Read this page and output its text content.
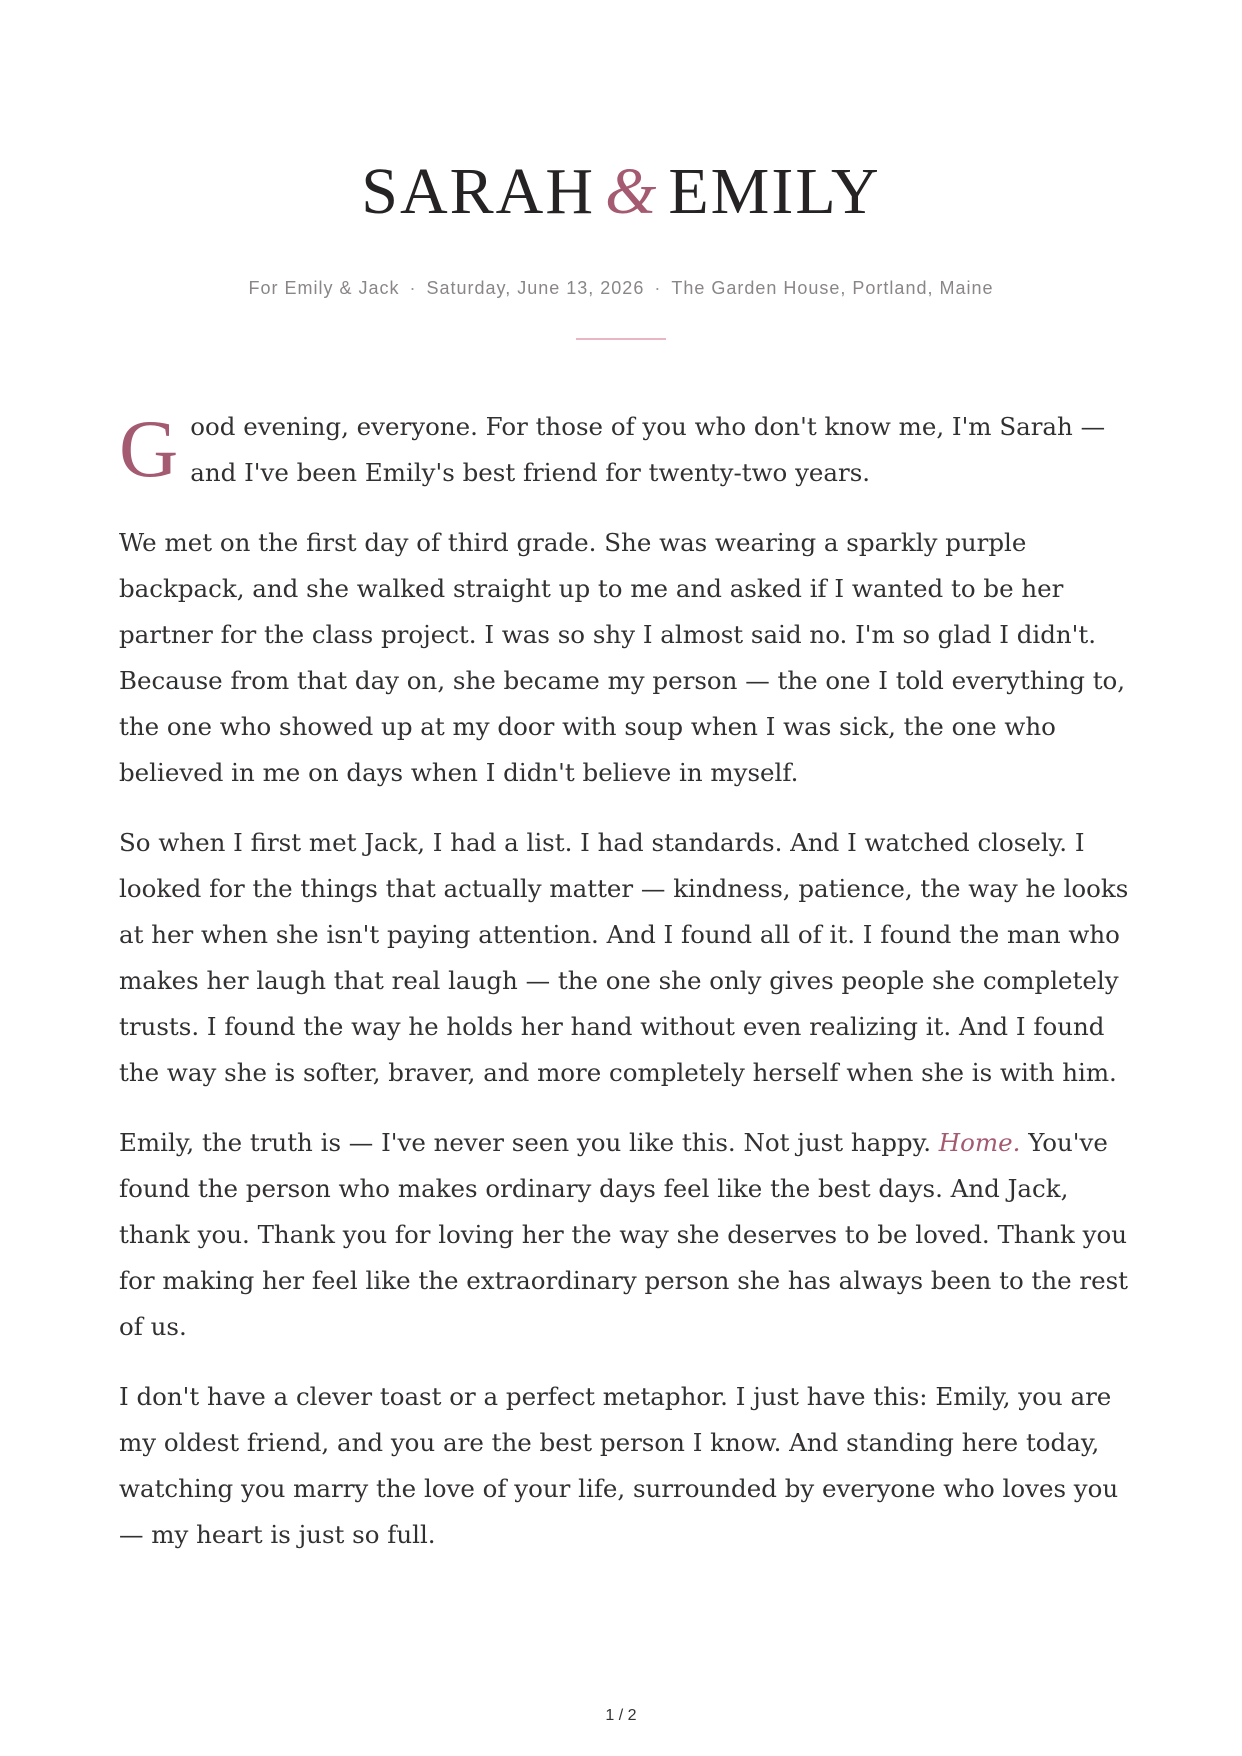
SARAH & EMILY
For Emily & Jack · Saturday, June 13, 2026 · The Garden House, Portland, Maine

Good evening, everyone. For those of you who don't know me, I'm Sarah — and I've been Emily's best friend for twenty-two years.

We met on the first day of third grade. She was wearing a sparkly purple backpack, and she walked straight up to me and asked if I wanted to be her partner for the class project. I was so shy I almost said no. I'm so glad I didn't. Because from that day on, she became my person — the one I told everything to, the one who showed up at my door with soup when I was sick, the one who believed in me on days when I didn't believe in myself.

So when I first met Jack, I had a list. I had standards. And I watched closely. I looked for the things that actually matter — kindness, patience, the way he looks at her when she isn't paying attention. And I found all of it. I found the man who makes her laugh that real laugh — the one she only gives people she completely trusts. I found the way he holds her hand without even realizing it. And I found the way she is softer, braver, and more completely herself when she is with him.

Emily, the truth is — I've never seen you like this. Not just happy. Home. You've found the person who makes ordinary days feel like the best days. And Jack, thank you. Thank you for loving her the way she deserves to be loved. Thank you for making her feel like the extraordinary person she has always been to the rest of us.

I don't have a clever toast or a perfect metaphor. I just have this: Emily, you are my oldest friend, and you are the best person I know. And standing here today, watching you marry the love of your life, surrounded by everyone who loves you — my heart is just so full.

1 / 2
